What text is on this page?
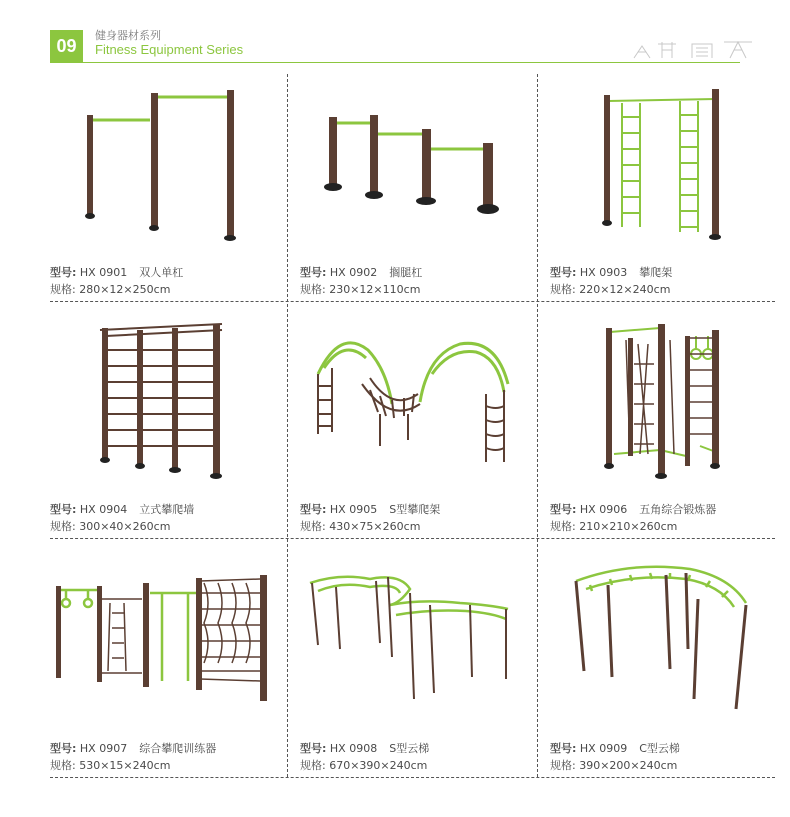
09 健身器材系列
Fitness Equipment Series
型号: HX 0901 双人单杠
规格: 280×12×250cm
型号: HX 0902 搁腿杠
规格: 230×12×110cm
型号: HX 0903 攀爬架
规格: 220×12×240cm
型号: HX 0904 立式攀爬墙
规格: 300×40×260cm
型号: HX 0905 S型攀爬架
规格: 430×75×260cm
型号: HX 0906 五角综合锻炼器
规格: 210×210×260cm
型号: HX 0907 综合攀爬训练器
规格: 530×15×240cm
型号: HX 0908 S型云梯
规格: 670×390×240cm
型号: HX 0909 C型云梯
规格: 390×200×240cm
